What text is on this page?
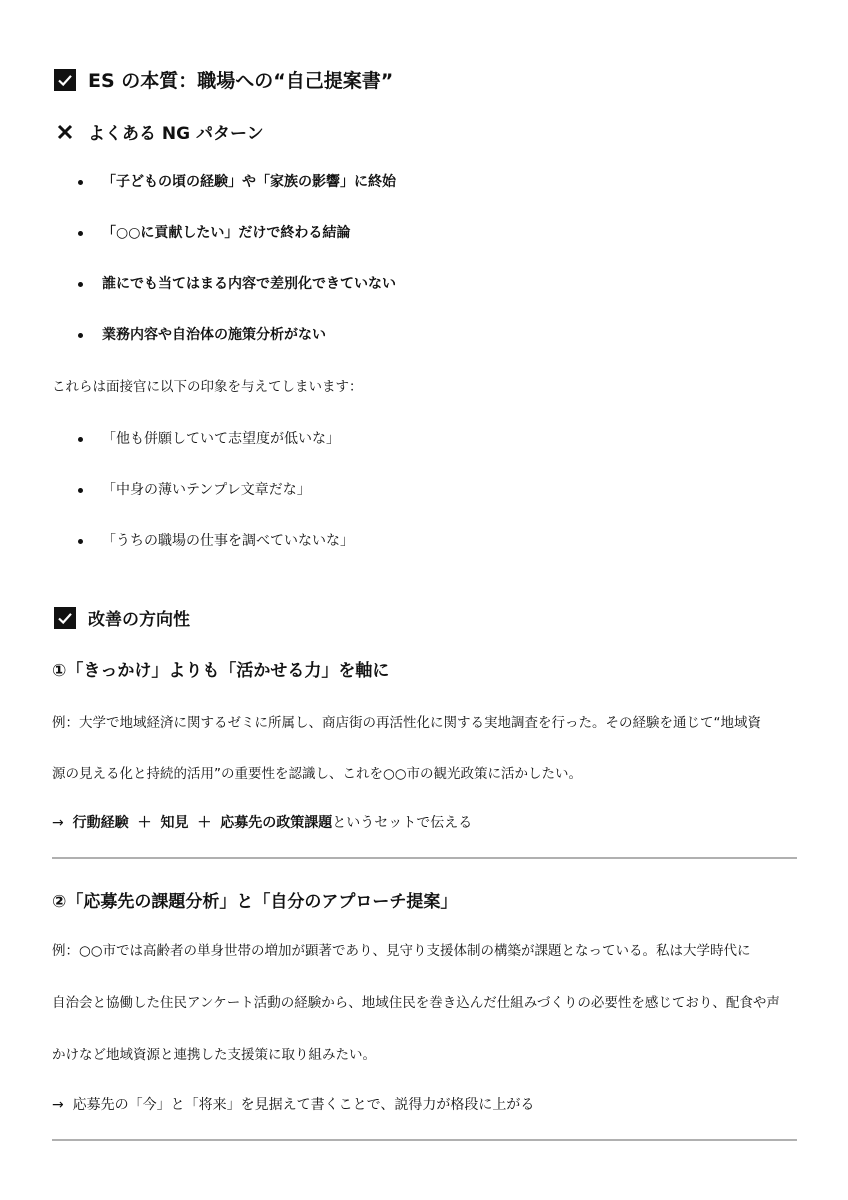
ES の本質：職場への“自己提案書”
よくある NG パターン
「子どもの頃の経験」や「家族の影響」に終始
「○○に貢献したい」だけで終わる結論
誰にでも当てはまる内容で差別化できていない
業務内容や自治体の施策分析がない
これらは面接官に以下の印象を与えてしまいます：
「他も併願していて志望度が低いな」
「中身の薄いテンプレ文章だな」
「うちの職場の仕事を調べていないな」
改善の方向性
①「きっかけ」よりも「活かせる力」を軸に
例：大学で地域経済に関するゼミに所属し、商店街の再活性化に関する実地調査を行った。その経験を通じて“地域資
源の見える化と持続的活用”の重要性を認識し、これを○○市の観光政策に活かしたい。
→ 行動経験 ＋ 知見 ＋ 応募先の政策課題というセットで伝える
②「応募先の課題分析」と「自分のアプローチ提案」
例：○○市では高齢者の単身世帯の増加が顕著であり、見守り支援体制の構築が課題となっている。私は大学時代に
自治会と協働した住民アンケート活動の経験から、地域住民を巻き込んだ仕組みづくりの必要性を感じており、配食や声
かけなど地域資源と連携した支援策に取り組みたい。
→ 応募先の「今」と「将来」を見据えて書くことで、説得力が格段に上がる
